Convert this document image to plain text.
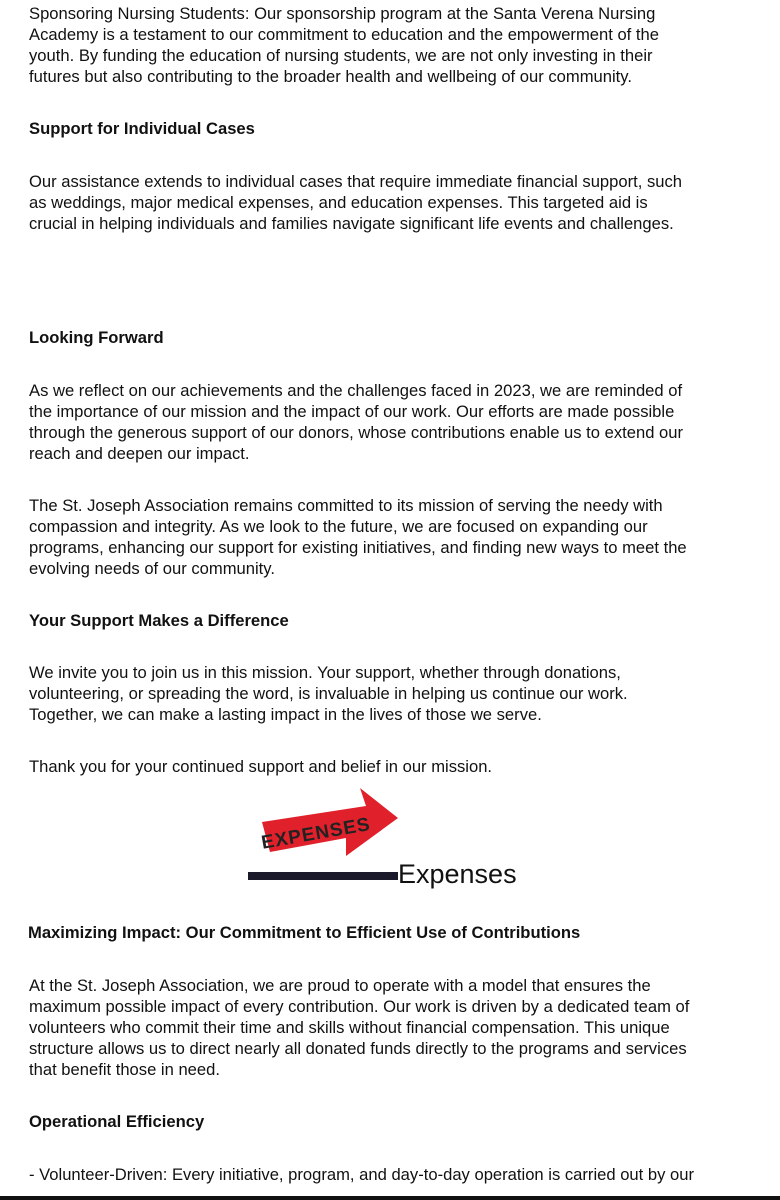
Sponsoring Nursing Students: Our sponsorship program at the Santa Verena Nursing
Academy is a testament to our commitment to education and the empowerment of the
youth. By funding the education of nursing students, we are not only investing in their
futures but also contributing to the broader health and wellbeing of our community.
Support for Individual Cases
Our assistance extends to individual cases that require immediate financial support, such
as weddings, major medical expenses, and education expenses. This targeted aid is
crucial in helping individuals and families navigate significant life events and challenges.
Looking Forward
As we reflect on our achievements and the challenges faced in 2023, we are reminded of
the importance of our mission and the impact of our work. Our efforts are made possible
through the generous support of our donors, whose contributions enable us to extend our
reach and deepen our impact.
The St. Joseph Association remains committed to its mission of serving the needy with
compassion and integrity. As we look to the future, we are focused on expanding our
programs, enhancing our support for existing initiatives, and finding new ways to meet the
evolving needs of our community.
Your Support Makes a Difference
We invite you to join us in this mission. Your support, whether through donations,
volunteering, or spreading the word, is invaluable in helping us continue our work.
Together, we can make a lasting impact in the lives of those we serve.
Thank you for your continued support and belief in our mission.
EXPENSES
Expenses
Maximizing Impact: Our Commitment to Efficient Use of Contributions
At the St. Joseph Association, we are proud to operate with a model that ensures the
maximum possible impact of every contribution. Our work is driven by a dedicated team of
volunteers who commit their time and skills without financial compensation. This unique
structure allows us to direct nearly all donated funds directly to the programs and services
that benefit those in need.
Operational Efficiency
- Volunteer-Driven: Every initiative, program, and day-to-day operation is carried out by our
